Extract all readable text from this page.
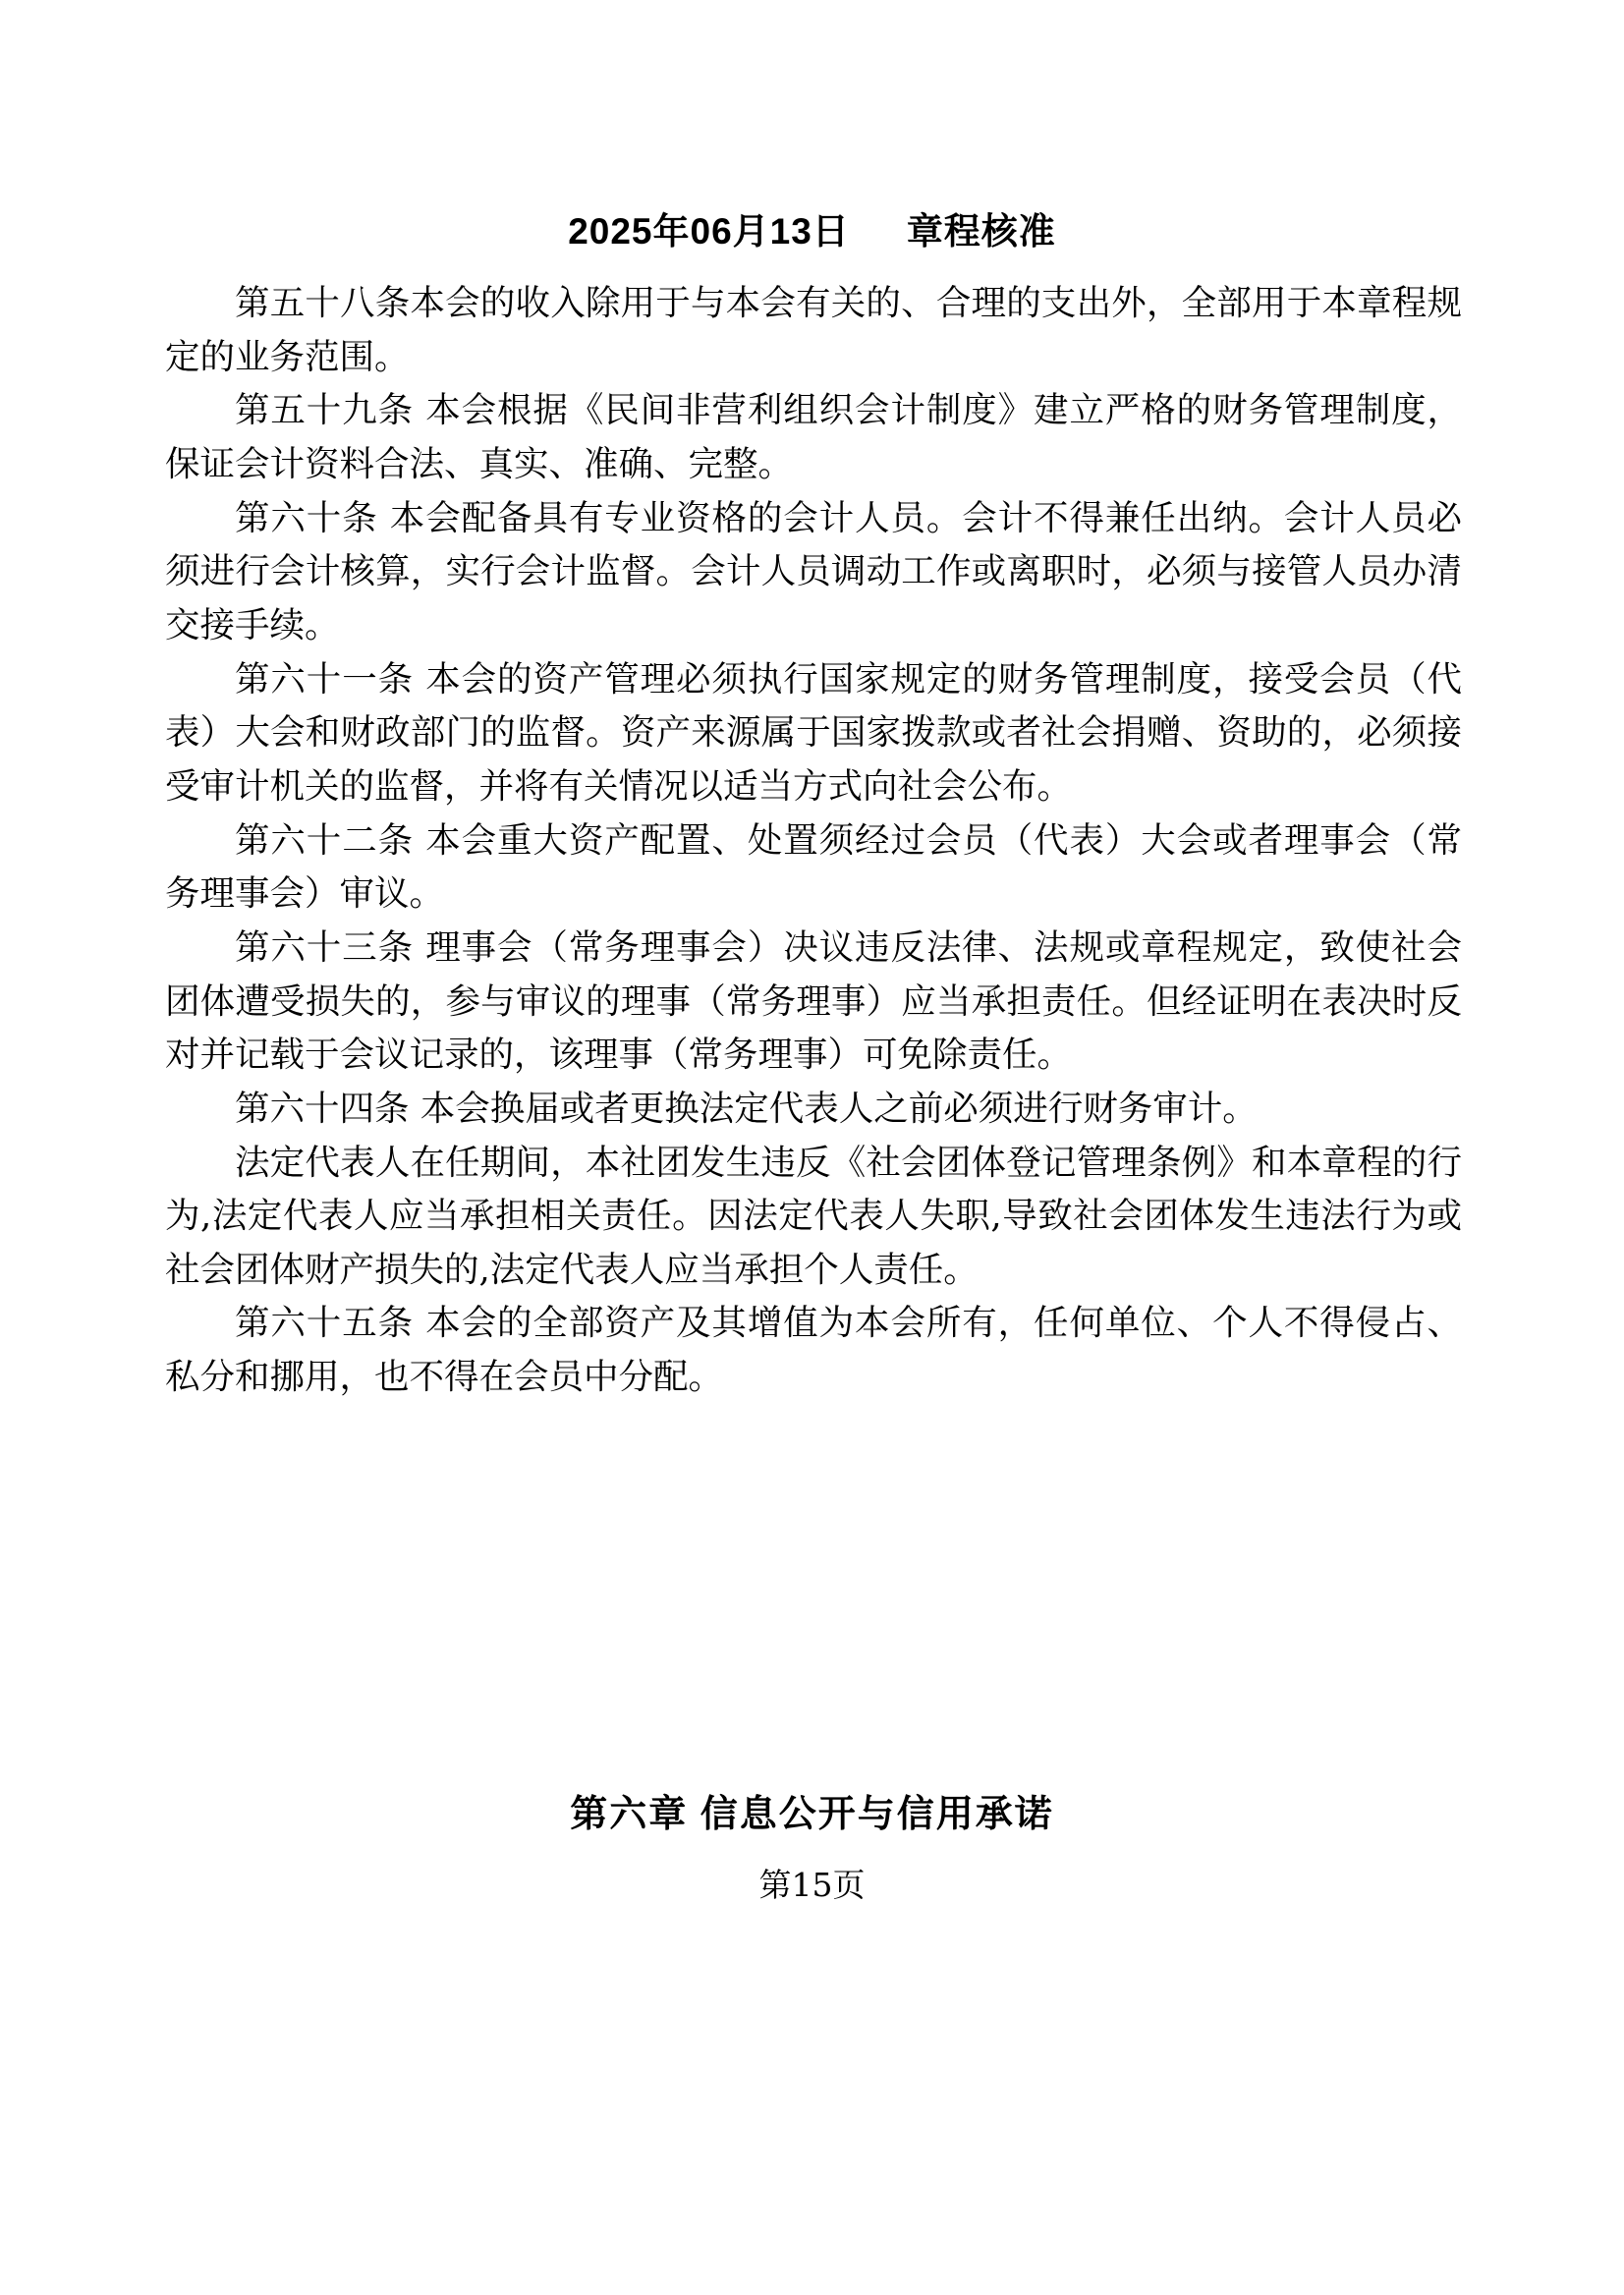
2025年06月13日 章程核准

第五十八条本会的收入除用于与本会有关的、合理的支出外，全部用于本章程规定的业务范围。

第五十九条 本会根据《民间非营利组织会计制度》建立严格的财务管理制度，保证会计资料合法、真实、准确、完整。

第六十条 本会配备具有专业资格的会计人员。会计不得兼任出纳。会计人员必须进行会计核算，实行会计监督。会计人员调动工作或离职时，必须与接管人员办清交接手续。

第六十一条 本会的资产管理必须执行国家规定的财务管理制度，接受会员（代表）大会和财政部门的监督。资产来源属于国家拨款或者社会捐赠、资助的，必须接受审计机关的监督，并将有关情况以适当方式向社会公布。

第六十二条 本会重大资产配置、处置须经过会员（代表）大会或者理事会（常务理事会）审议。

第六十三条 理事会（常务理事会）决议违反法律、法规或章程规定，致使社会团体遭受损失的，参与审议的理事（常务理事）应当承担责任。但经证明在表决时反对并记载于会议记录的，该理事（常务理事）可免除责任。

第六十四条 本会换届或者更换法定代表人之前必须进行财务审计。

法定代表人在任期间，本社团发生违反《社会团体登记管理条例》和本章程的行为,法定代表人应当承担相关责任。因法定代表人失职,导致社会团体发生违法行为或社会团体财产损失的,法定代表人应当承担个人责任。

第六十五条 本会的全部资产及其增值为本会所有，任何单位、个人不得侵占、私分和挪用，也不得在会员中分配。

第六章 信息公开与信用承诺
第15页
